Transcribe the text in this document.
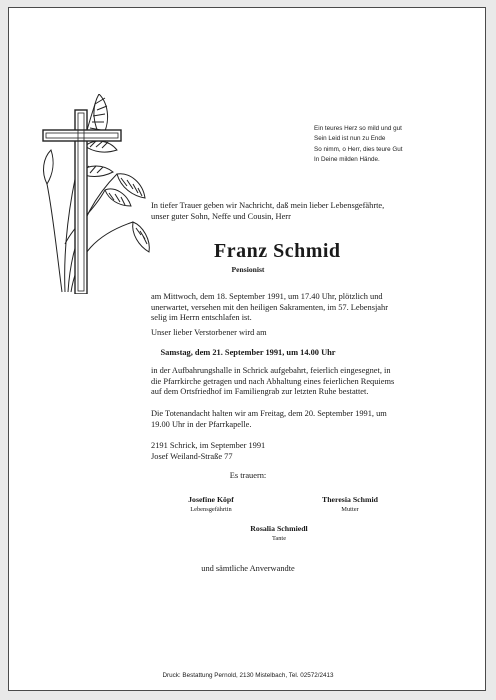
Ein teures Herz so mild und gut
Sein Leid ist nun zu Ende
So nimm, o Herr, dies teure Gut
In Deine milden Hände.
In tiefer Trauer geben wir Nachricht, daß mein lieber Lebensgefährte,
unser guter Sohn, Neffe und Cousin, Herr
Franz Schmid
Pensionist
am Mittwoch, dem 18. September 1991, um 17.40 Uhr, plötzlich und
unerwartet, versehen mit den heiligen Sakramenten, im 57. Lebensjahr
selig im Herrn entschlafen ist.
Unser lieber Verstorbener wird am
Samstag, dem 21. September 1991, um 14.00 Uhr
in der Aufbahrungshalle in Schrick aufgebahrt, feierlich eingesegnet, in
die Pfarrkirche getragen und nach Abhaltung eines feierlichen Requiems
auf dem Ortsfriedhof im Familiengrab zur letzten Ruhe bestattet.
Die Totenandacht halten wir am Freitag, dem 20. September 1991, um
19.00 Uhr in der Pfarrkapelle.
2191 Schrick, im September 1991
Josef Weiland-Straße 77
Es trauern:
Josefine Köpf
Lebensgefährtin
Theresia Schmid
Mutter
Rosalia Schmiedl
Tante
und sämtliche Anverwandte
Druck: Bestattung Pernold, 2130 Mistelbach, Tel. 02572/2413
